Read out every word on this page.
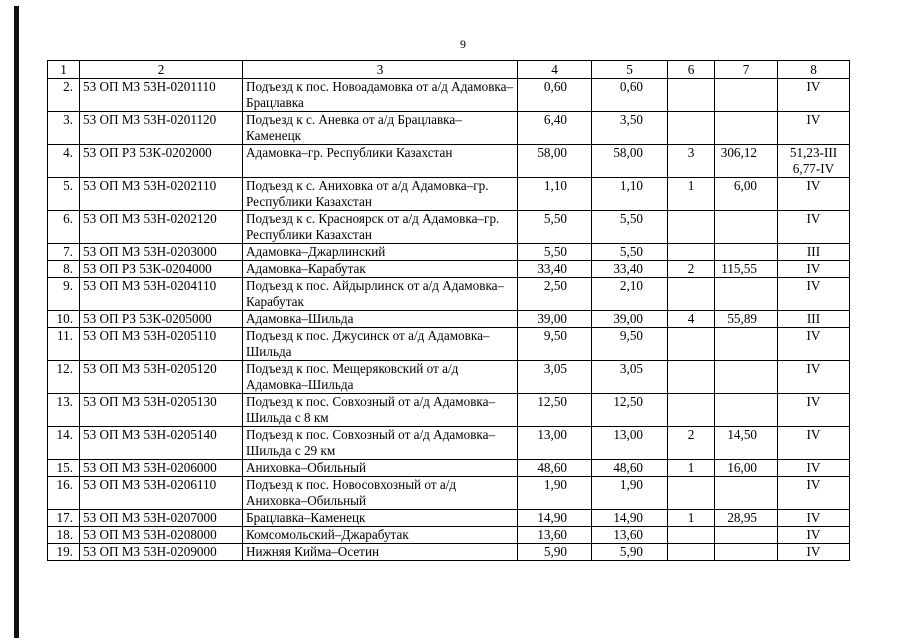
9
1	2	3	4	5	6	7	8
2.	53 ОП МЗ 53Н-0201110	Подъезд к пос. Новоадамовка от а/д Адамовка–Брацлавка	0,60	0,60			IV
3.	53 ОП МЗ 53Н-0201120	Подъезд к с. Аневка от а/д Брацлавка–Каменецк	6,40	3,50			IV
4.	53 ОП РЗ 53К-0202000	Адамовка–гр. Республики Казахстан	58,00	58,00	3	306,12	51,23-III 6,77-IV
5.	53 ОП МЗ 53Н-0202110	Подъезд к с. Аниховка от а/д Адамовка–гр. Республики Казахстан	1,10	1,10	1	6,00	IV
6.	53 ОП МЗ 53Н-0202120	Подъезд к с. Красноярск от а/д Адамовка–гр. Республики Казахстан	5,50	5,50			IV
7.	53 ОП МЗ 53Н-0203000	Адамовка–Джарлинский	5,50	5,50			III
8.	53 ОП РЗ 53К-0204000	Адамовка–Карабутак	33,40	33,40	2	115,55	IV
9.	53 ОП МЗ 53Н-0204110	Подъезд к пос. Айдырлинск от а/д Адамовка–Карабутак	2,50	2,10			IV
10.	53 ОП РЗ 53К-0205000	Адамовка–Шильда	39,00	39,00	4	55,89	III
11.	53 ОП МЗ 53Н-0205110	Подъезд к пос. Джусинск от а/д Адамовка–Шильда	9,50	9,50			IV
12.	53 ОП МЗ 53Н-0205120	Подъезд к пос. Мещеряковский от а/д Адамовка–Шильда	3,05	3,05			IV
13.	53 ОП МЗ 53Н-0205130	Подъезд к пос. Совхозный от а/д Адамовка–Шильда с 8 км	12,50	12,50			IV
14.	53 ОП МЗ 53Н-0205140	Подъезд к пос. Совхозный от а/д Адамовка–Шильда с 29 км	13,00	13,00	2	14,50	IV
15.	53 ОП МЗ 53Н-0206000	Аниховка–Обильный	48,60	48,60	1	16,00	IV
16.	53 ОП МЗ 53Н-0206110	Подъезд к пос. Новосовхозный от а/д Аниховка–Обильный	1,90	1,90			IV
17.	53 ОП МЗ 53Н-0207000	Брацлавка–Каменецк	14,90	14,90	1	28,95	IV
18.	53 ОП МЗ 53Н-0208000	Комсомольский–Джарабутак	13,60	13,60			IV
19.	53 ОП МЗ 53Н-0209000	Нижняя Кийма–Осетин	5,90	5,90			IV
